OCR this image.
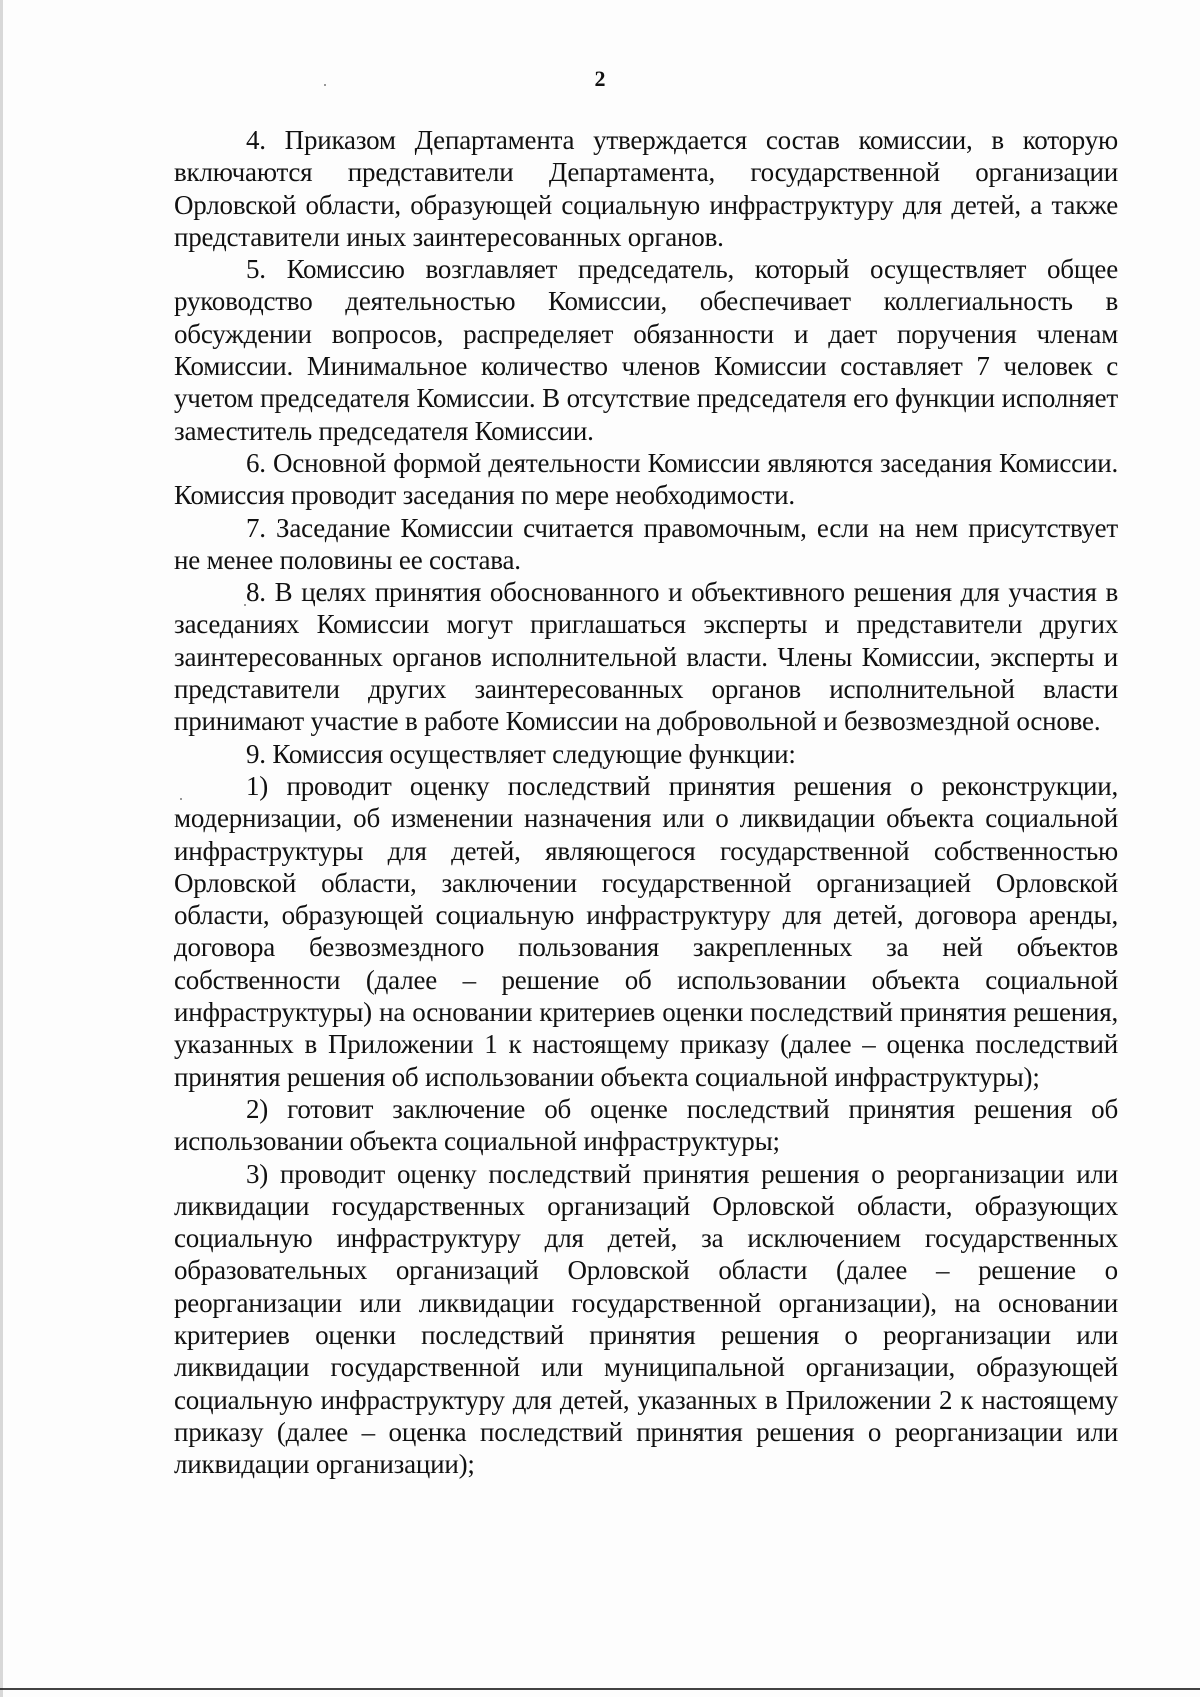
2

4. Приказом Департамента утверждается состав комиссии, в которую включаются представители Департамента, государственной организации Орловской области, образующей социальную инфраструктуру для детей, а также представители иных заинтересованных органов.

5. Комиссию возглавляет председатель, который осуществляет общее руководство деятельностью Комиссии, обеспечивает коллегиальность в обсуждении вопросов, распределяет обязанности и дает поручения членам Комиссии. Минимальное количество членов Комиссии составляет 7 человек с учетом председателя Комиссии. В отсутствие председателя его функции исполняет заместитель председателя Комиссии.

6. Основной формой деятельности Комиссии являются заседания Комиссии. Комиссия проводит заседания по мере необходимости.

7. Заседание Комиссии считается правомочным, если на нем присутствует не менее половины ее состава.

8. В целях принятия обоснованного и объективного решения для участия в заседаниях Комиссии могут приглашаться эксперты и представители других заинтересованных органов исполнительной власти. Члены Комиссии, эксперты и представители других заинтересованных органов исполнительной власти принимают участие в работе Комиссии на добровольной и безвозмездной основе.

9. Комиссия осуществляет следующие функции:

1) проводит оценку последствий принятия решения о реконструкции, модернизации, об изменении назначения или о ликвидации объекта социальной инфраструктуры для детей, являющегося государственной собственностью Орловской области, заключении государственной организацией Орловской области, образующей социальную инфраструктуру для детей, договора аренды, договора безвозмездного пользования закрепленных за ней объектов собственности (далее – решение об использовании объекта социальной инфраструктуры) на основании критериев оценки последствий принятия решения, указанных в Приложении 1 к настоящему приказу (далее – оценка последствий принятия решения об использовании объекта социальной инфраструктуры);

2) готовит заключение об оценке последствий принятия решения об использовании объекта социальной инфраструктуры;

3) проводит оценку последствий принятия решения о реорганизации или ликвидации государственных организаций Орловской области, образующих социальную инфраструктуру для детей, за исключением государственных образовательных организаций Орловской области (далее – решение о реорганизации или ликвидации государственной организации), на основании критериев оценки последствий принятия решения о реорганизации или ликвидации государственной или муниципальной организации, образующей социальную инфраструктуру для детей, указанных в Приложении 2 к настоящему приказу (далее – оценка последствий принятия решения о реорганизации или ликвидации организации);
